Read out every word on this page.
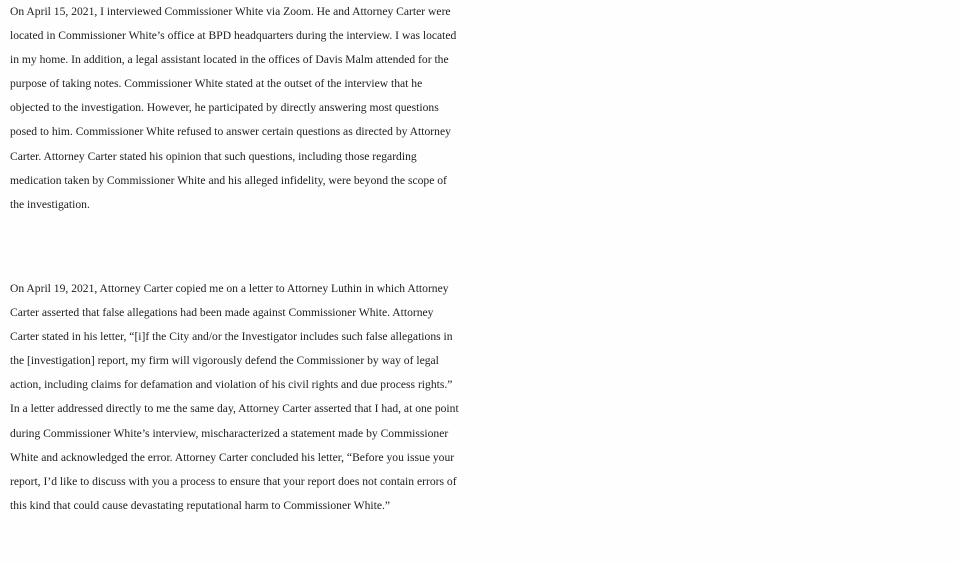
On April 15, 2021, I interviewed Commissioner White via Zoom. He and Attorney Carter were
located in Commissioner White’s office at BPD headquarters during the interview. I was located
in my home. In addition, a legal assistant located in the offices of Davis Malm attended for the
purpose of taking notes. Commissioner White stated at the outset of the interview that he
objected to the investigation. However, he participated by directly answering most questions
posed to him. Commissioner White refused to answer certain questions as directed by Attorney
Carter. Attorney Carter stated his opinion that such questions, including those regarding
medication taken by Commissioner White and his alleged infidelity, were beyond the scope of
the investigation.

On April 19, 2021, Attorney Carter copied me on a letter to Attorney Luthin in which Attorney
Carter asserted that false allegations had been made against Commissioner White. Attorney
Carter stated in his letter, “[i]f the City and/or the Investigator includes such false allegations in
the [investigation] report, my firm will vigorously defend the Commissioner by way of legal
action, including claims for defamation and violation of his civil rights and due process rights.”
In a letter addressed directly to me the same day, Attorney Carter asserted that I had, at one point
during Commissioner White’s interview, mischaracterized a statement made by Commissioner
White and acknowledged the error. Attorney Carter concluded his letter, “Before you issue your
report, I’d like to discuss with you a process to ensure that your report does not contain errors of
this kind that could cause devastating reputational harm to Commissioner White.”
